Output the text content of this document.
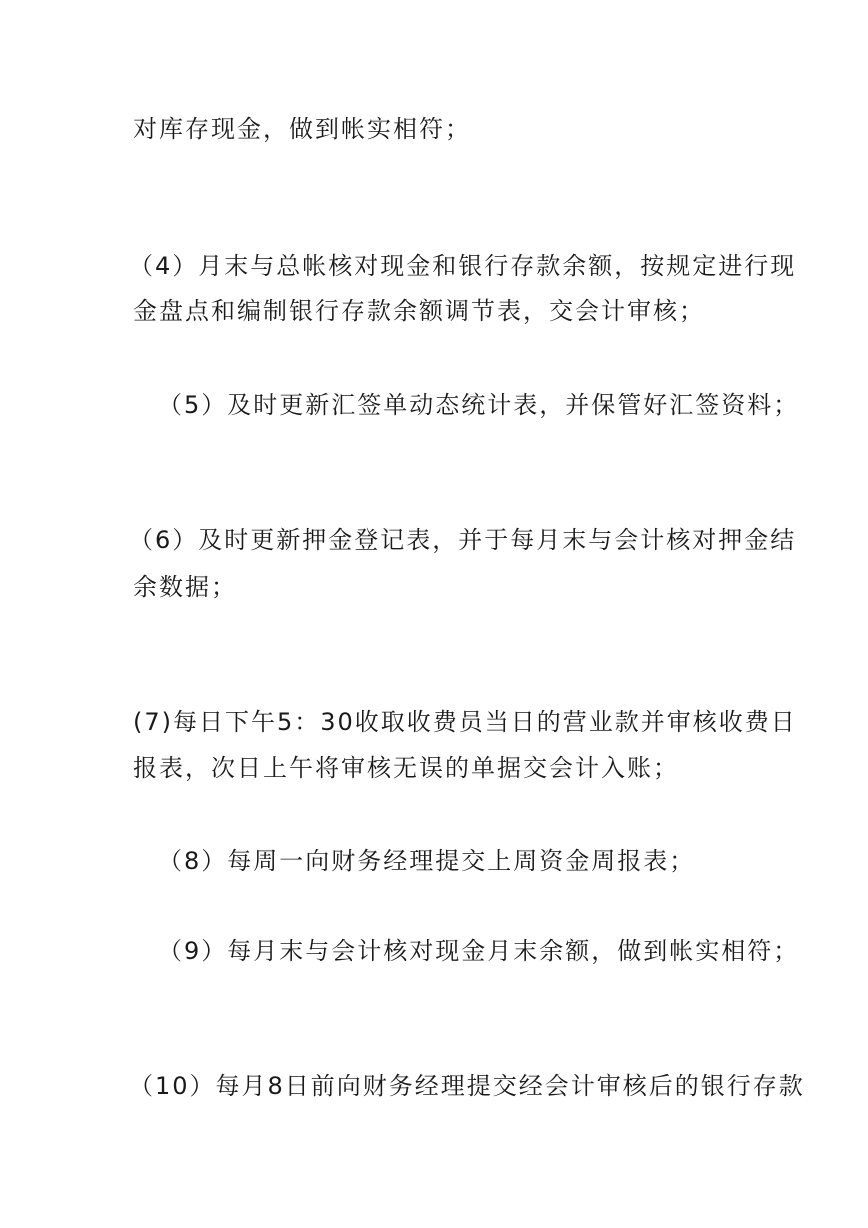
对库存现金，做到帐实相符；

（4）月末与总帐核对现金和银行存款余额，按规定进行现

金盘点和编制银行存款余额调节表，交会计审核；

（5）及时更新汇签单动态统计表，并保管好汇签资料；

（6）及时更新押金登记表，并于每月末与会计核对押金结

余数据；

(7)每日下午5：30收取收费员当日的营业款并审核收费日

报表，次日上午将审核无误的单据交会计入账；

（8）每周一向财务经理提交上周资金周报表；

（9）每月末与会计核对现金月末余额，做到帐实相符；

（10）每月8日前向财务经理提交经会计审核后的银行存款
